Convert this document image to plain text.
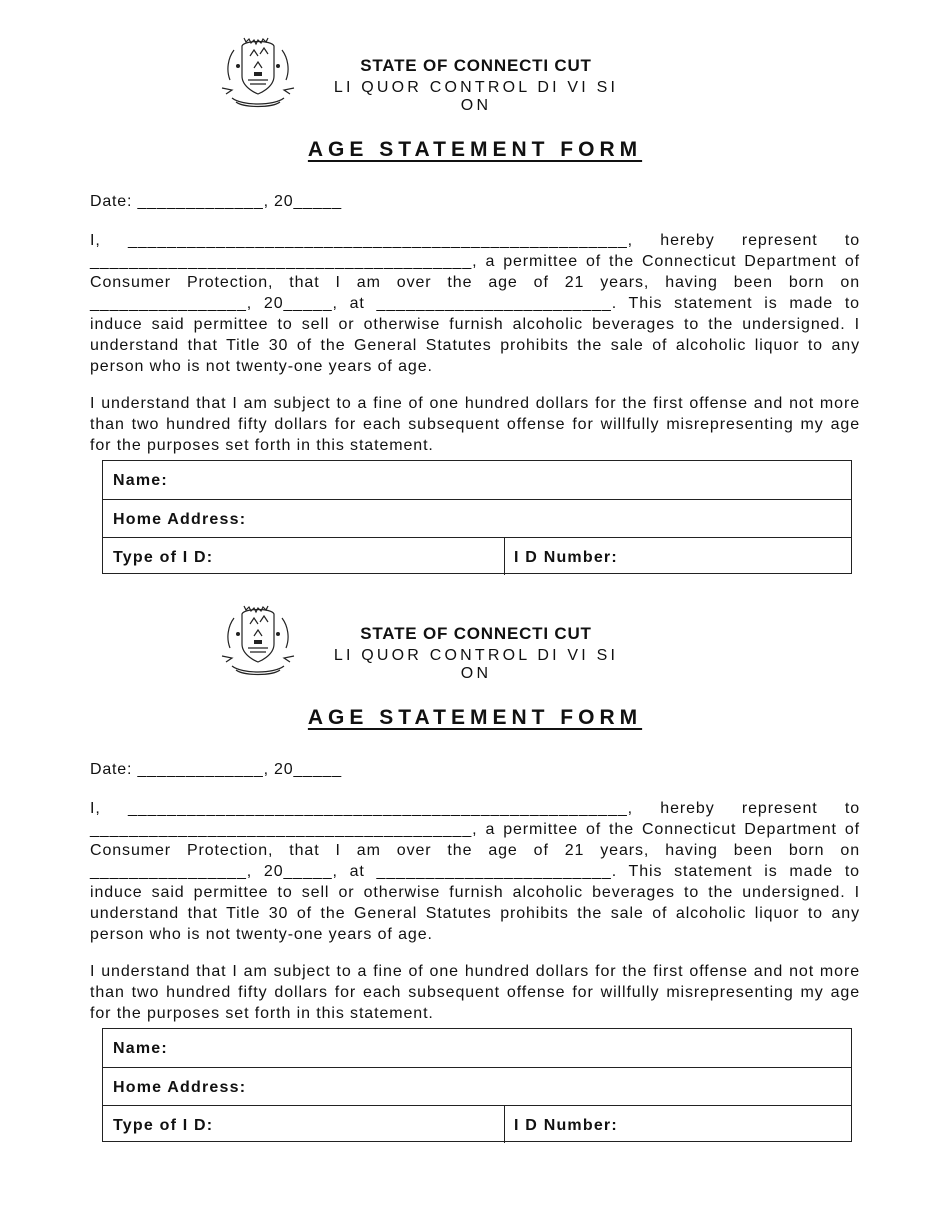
STATE OF CONNECTI CUT
LI QUOR CONTROL DI VI SI ON
AGE STATEMENT FORM
Date: _____________, 20_____

I, ___________________________________________________, hereby represent to _______________________________________, a permittee of the Connecticut Department of Consumer Protection, that I am over the age of 21 years, having been born on ________________, 20_____, at ________________________. This statement is made to induce said permittee to sell or otherwise furnish alcoholic beverages to the undersigned. I understand that Title 30 of the General Statutes prohibits the sale of alcoholic liquor to any person who is not twenty-one years of age.

I understand that I am subject to a fine of one hundred dollars for the first offense and not more than two hundred fifty dollars for each subsequent offense for willfully misrepresenting my age for the purposes set forth in this statement.

Name:
Home Address:
Type of I D:	I D Number:
STATE OF CONNECTI CUT
LI QUOR CONTROL DI VI SI ON
AGE STATEMENT FORM
Date: _____________, 20_____

I, ___________________________________________________, hereby represent to _______________________________________, a permittee of the Connecticut Department of Consumer Protection, that I am over the age of 21 years, having been born on ________________, 20_____, at ________________________. This statement is made to induce said permittee to sell or otherwise furnish alcoholic beverages to the undersigned. I understand that Title 30 of the General Statutes prohibits the sale of alcoholic liquor to any person who is not twenty-one years of age.

I understand that I am subject to a fine of one hundred dollars for the first offense and not more than two hundred fifty dollars for each subsequent offense for willfully misrepresenting my age for the purposes set forth in this statement.

Name:
Home Address:
Type of I D:	I D Number:
